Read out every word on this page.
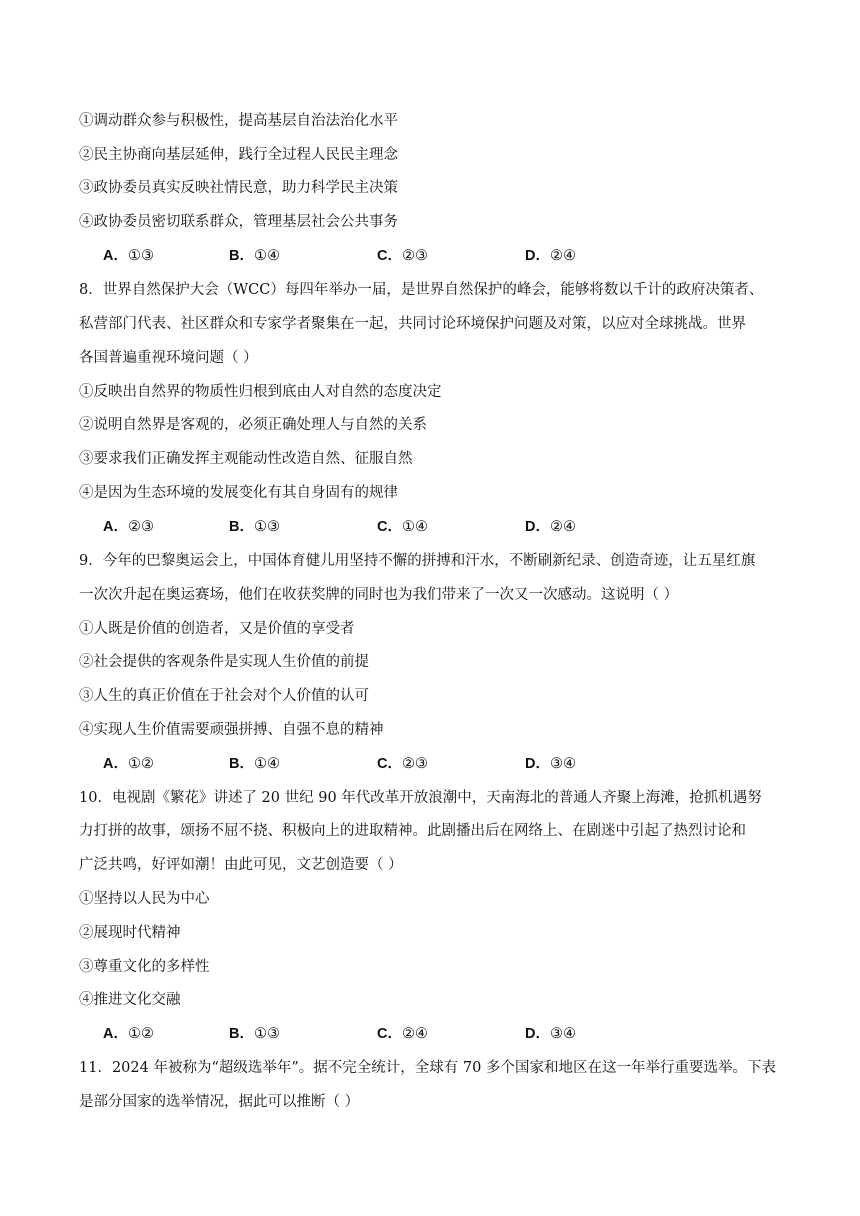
①调动群众参与积极性，提高基层自治法治化水平
②民主协商向基层延伸，践行全过程人民民主理念
③政协委员真实反映社情民意，助力科学民主决策
④政协委员密切联系群众，管理基层社会公共事务
A．①③	B．①④	C．②③	D．②④
8．世界自然保护大会（WCC）每四年举办一届，是世界自然保护的峰会，能够将数以千计的政府决策者、
私营部门代表、社区群众和专家学者聚集在一起，共同讨论环境保护问题及对策，以应对全球挑战。世界
各国普遍重视环境问题（ ）
①反映出自然界的物质性归根到底由人对自然的态度决定
②说明自然界是客观的，必须正确处理人与自然的关系
③要求我们正确发挥主观能动性改造自然、征服自然
④是因为生态环境的发展变化有其自身固有的规律
A．②③	B．①③	C．①④	D．②④
9．今年的巴黎奥运会上，中国体育健儿用坚持不懈的拼搏和汗水，不断刷新纪录、创造奇迹，让五星红旗
一次次升起在奥运赛场，他们在收获奖牌的同时也为我们带来了一次又一次感动。这说明（ ）
①人既是价值的创造者，又是价值的享受者
②社会提供的客观条件是实现人生价值的前提
③人生的真正价值在于社会对个人价值的认可
④实现人生价值需要顽强拼搏、自强不息的精神
A．①②	B．①④	C．②③	D．③④
10．电视剧《繁花》讲述了 20 世纪 90 年代改革开放浪潮中，天南海北的普通人齐聚上海滩，抢抓机遇努
力打拼的故事，颂扬不屈不挠、积极向上的进取精神。此剧播出后在网络上、在剧迷中引起了热烈讨论和
广泛共鸣，好评如潮！由此可见，文艺创造要（ ）
①坚持以人民为中心
②展现时代精神
③尊重文化的多样性
④推进文化交融
A．①②	B．①③	C．②④	D．③④
11．2024 年被称为“超级选举年”。据不完全统计，全球有 70 多个国家和地区在这一年举行重要选举。下表
是部分国家的选举情况，据此可以推断（ ）
